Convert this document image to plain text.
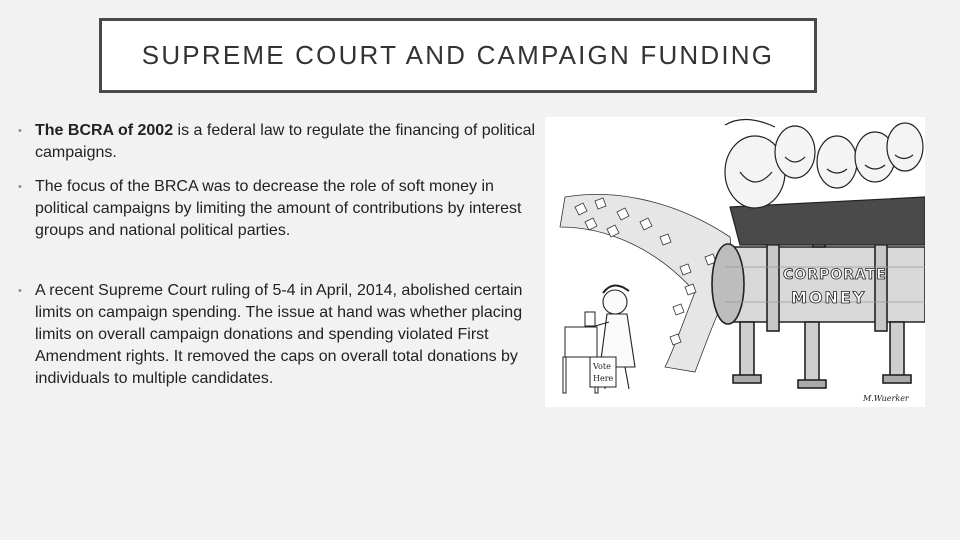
SUPREME COURT AND CAMPAIGN FUNDING
• The BCRA of 2002 is a federal law to regulate the financing of political campaigns.
• The focus of the BRCA was to decrease the role of soft money in political campaigns by limiting the amount of contributions by interest groups and national political parties.
• A recent Supreme Court ruling of 5-4 in April, 2014, abolished certain limits on campaign spending. The issue at hand was whether placing limits on overall campaign donations and spending violated First Amendment rights. It removed the caps on overall total donations by individuals to multiple candidates.
CORPORATE
MONEY
Vote
Here
M.Wuerker
